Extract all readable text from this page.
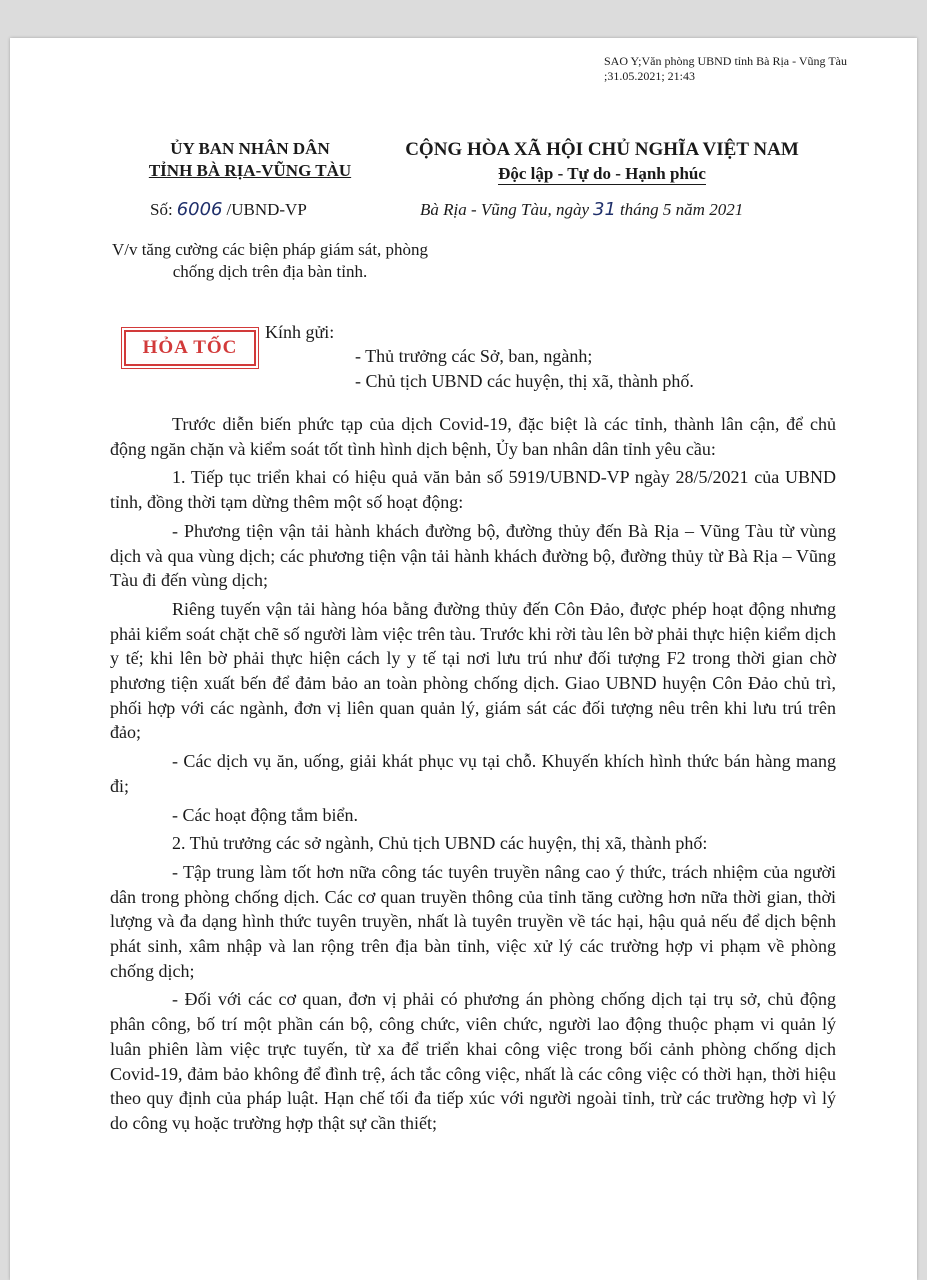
SAO Y;Văn phòng UBND tỉnh Bà Rịa - Vũng Tàu ;31.05.2021; 21:43
ỦY BAN NHÂN DÂN
TỈNH BÀ RỊA-VŨNG TÀU
CỘNG HÒA XÃ HỘI CHỦ NGHĨA VIỆT NAM
Độc lập - Tự do - Hạnh phúc
Số: 6006 /UBND-VP	Bà Rịa - Vũng Tàu, ngày 31 tháng 5 năm 2021
V/v tăng cường các biện pháp giám sát, phòng chống dịch trên địa bàn tỉnh.
HỎA TỐC
Kính gửi:
- Thủ trưởng các Sở, ban, ngành;
- Chủ tịch UBND các huyện, thị xã, thành phố.

Trước diễn biến phức tạp của dịch Covid-19, đặc biệt là các tỉnh, thành lân cận, để chủ động ngăn chặn và kiểm soát tốt tình hình dịch bệnh, Ủy ban nhân dân tỉnh yêu cầu:

1. Tiếp tục triển khai có hiệu quả văn bản số 5919/UBND-VP ngày 28/5/2021 của UBND tỉnh, đồng thời tạm dừng thêm một số hoạt động:

- Phương tiện vận tải hành khách đường bộ, đường thủy đến Bà Rịa – Vũng Tàu từ vùng dịch và qua vùng dịch; các phương tiện vận tải hành khách đường bộ, đường thủy từ Bà Rịa – Vũng Tàu đi đến vùng dịch;

Riêng tuyến vận tải hàng hóa bằng đường thủy đến Côn Đảo, được phép hoạt động nhưng phải kiểm soát chặt chẽ số người làm việc trên tàu. Trước khi rời tàu lên bờ phải thực hiện kiểm dịch y tế; khi lên bờ phải thực hiện cách ly y tế tại nơi lưu trú như đối tượng F2 trong thời gian chờ phương tiện xuất bến để đảm bảo an toàn phòng chống dịch. Giao UBND huyện Côn Đảo chủ trì, phối hợp với các ngành, đơn vị liên quan quản lý, giám sát các đối tượng nêu trên khi lưu trú trên đảo;

- Các dịch vụ ăn, uống, giải khát phục vụ tại chỗ. Khuyến khích hình thức bán hàng mang đi;

- Các hoạt động tắm biển.

2. Thủ trưởng các sở ngành, Chủ tịch UBND các huyện, thị xã, thành phố:

- Tập trung làm tốt hơn nữa công tác tuyên truyền nâng cao ý thức, trách nhiệm của người dân trong phòng chống dịch. Các cơ quan truyền thông của tỉnh tăng cường hơn nữa thời gian, thời lượng và đa dạng hình thức tuyên truyền, nhất là tuyên truyền về tác hại, hậu quả nếu để dịch bệnh phát sinh, xâm nhập và lan rộng trên địa bàn tỉnh, việc xử lý các trường hợp vi phạm về phòng chống dịch;

- Đối với các cơ quan, đơn vị phải có phương án phòng chống dịch tại trụ sở, chủ động phân công, bố trí một phần cán bộ, công chức, viên chức, người lao động thuộc phạm vi quản lý luân phiên làm việc trực tuyến, từ xa để triển khai công việc trong bối cảnh phòng chống dịch Covid-19, đảm bảo không để đình trệ, ách tắc công việc, nhất là các công việc có thời hạn, thời hiệu theo quy định của pháp luật. Hạn chế tối đa tiếp xúc với người ngoài tỉnh, trừ các trường hợp vì lý do công vụ hoặc trường hợp thật sự cần thiết;
